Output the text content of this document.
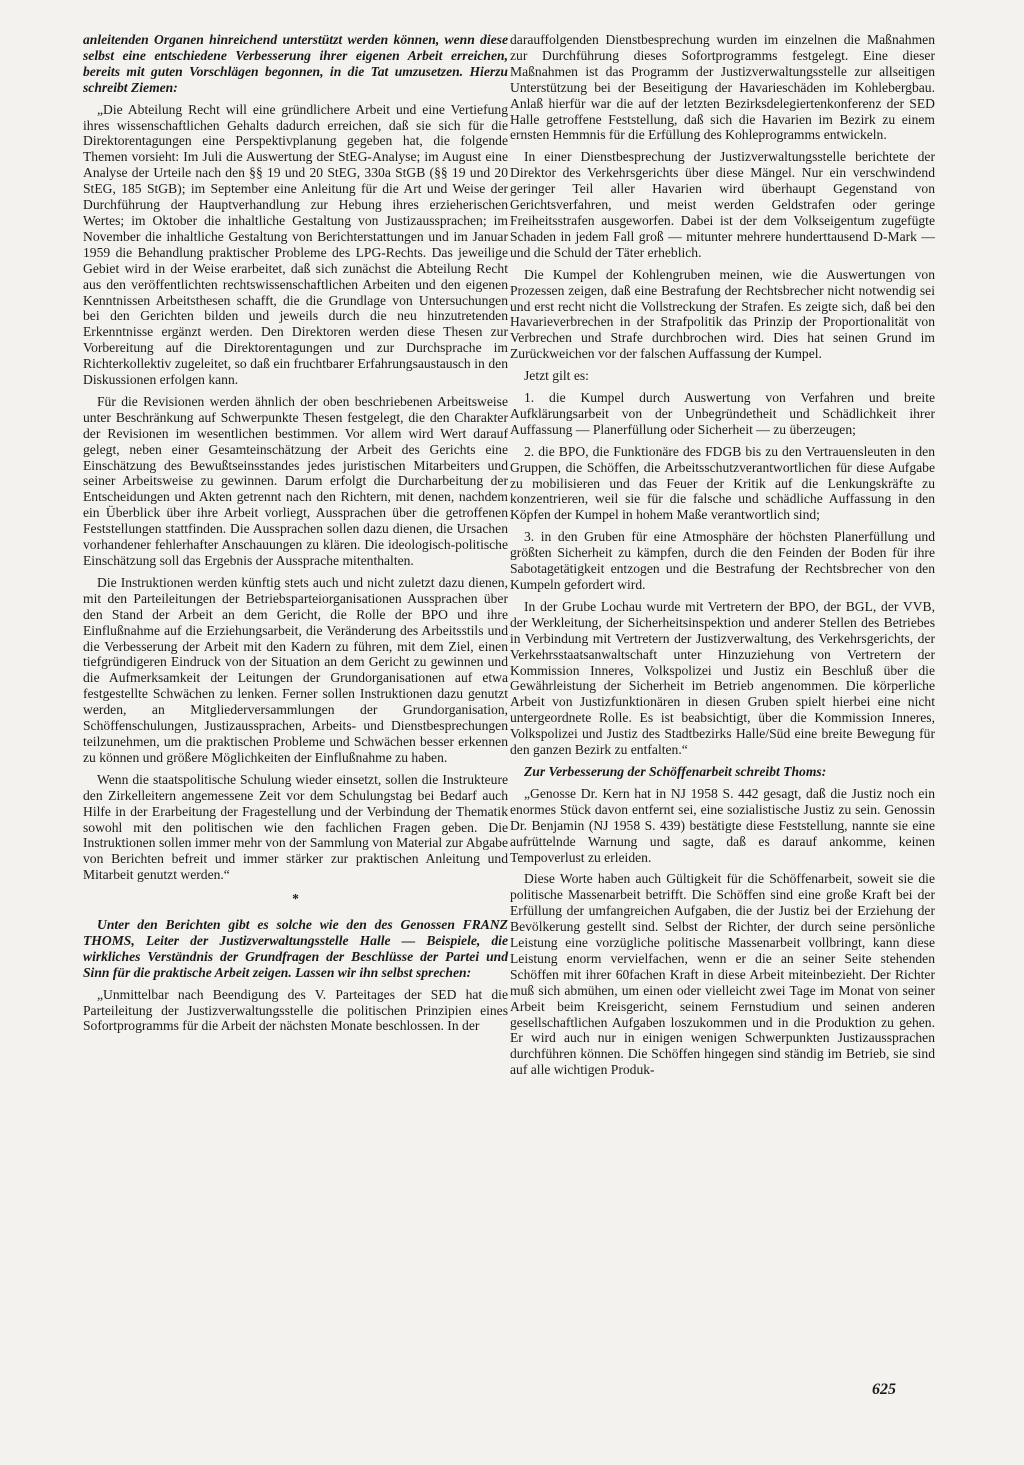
anleitenden Organen hinreichend unterstützt werden können, wenn diese selbst eine entschiedene Verbesserung ihrer eigenen Arbeit erreichen, bereits mit guten Vorschlägen begonnen, in die Tat umzusetzen. Hierzu schreibt Ziemen:

„Die Abteilung Recht will eine gründlichere Arbeit und eine Vertiefung ihres wissenschaftlichen Gehalts dadurch erreichen, daß sie sich für die Direktorentagungen eine Perspektivplanung gegeben hat, die folgende Themen vorsieht: Im Juli die Auswertung der StEG-Analyse; im August eine Analyse der Urteile nach den §§ 19 und 20 StEG, 330a StGB (§§ 19 und 20 StEG, 185 StGB); im September eine Anleitung für die Art und Weise der Durchführung der Hauptverhandlung zur Hebung ihres erzieherischen Wertes; im Oktober die inhaltliche Gestaltung von Justizaussprachen; im November die inhaltliche Gestaltung von Berichterstattungen und im Januar 1959 die Behandlung praktischer Probleme des LPG-Rechts. Das jeweilige Gebiet wird in der Weise erarbeitet, daß sich zunächst die Abteilung Recht aus den veröffentlichten rechtswissenschaftlichen Arbeiten und den eigenen Kenntnissen Arbeitsthesen schafft, die die Grundlage von Untersuchungen bei den Gerichten bilden und jeweils durch die neu hinzutretenden Erkenntnisse ergänzt werden. Den Direktoren werden diese Thesen zur Vorbereitung auf die Direktorentagungen und zur Durchsprache im Richterkollektiv zugeleitet, so daß ein fruchtbarer Erfahrungsaustausch in den Diskussionen erfolgen kann.

Für die Revisionen werden ähnlich der oben beschriebenen Arbeitsweise unter Beschränkung auf Schwerpunkte Thesen festgelegt, die den Charakter der Revisionen im wesentlichen bestimmen. Vor allem wird Wert darauf gelegt, neben einer Gesamteinschätzung der Arbeit des Gerichts eine Einschätzung des Bewußtseinsstandes jedes juristischen Mitarbeiters und seiner Arbeitsweise zu gewinnen. Darum erfolgt die Durcharbeitung der Entscheidungen und Akten getrennt nach den Richtern, mit denen, nachdem ein Überblick über ihre Arbeit vorliegt, Aussprachen über die getroffenen Feststellungen stattfinden. Die Aussprachen sollen dazu dienen, die Ursachen vorhandener fehlerhafter Anschauungen zu klären. Die ideologisch-politische Einschätzung soll das Ergebnis der Aussprache mitenthalten.

Die Instruktionen werden künftig stets auch und nicht zuletzt dazu dienen, mit den Parteileitungen der Betriebsparteiorganisationen Aussprachen über den Stand der Arbeit an dem Gericht, die Rolle der BPO und ihre Einflußnahme auf die Erziehungsarbeit, die Veränderung des Arbeitsstils und die Verbesserung der Arbeit mit den Kadern zu führen, mit dem Ziel, einen tiefgründigeren Eindruck von der Situation an dem Gericht zu gewinnen und die Aufmerksamkeit der Leitungen der Grundorganisationen auf etwa festgestellte Schwächen zu lenken. Ferner sollen Instruktionen dazu genutzt werden, an Mitgliederversammlungen der Grundorganisation, Schöffenschulungen, Justizaussprachen, Arbeits- und Dienstbesprechungen teilzunehmen, um die praktischen Probleme und Schwächen besser erkennen zu können und größere Möglichkeiten der Einflußnahme zu haben.

Wenn die staatspolitische Schulung wieder einsetzt, sollen die Instrukteure den Zirkelleitern angemessene Zeit vor dem Schulungstag bei Bedarf auch Hilfe in der Erarbeitung der Fragestellung und der Verbindung der Thematik sowohl mit den politischen wie den fachlichen Fragen geben. Die Instruktionen sollen immer mehr von der Sammlung von Material zur Abgabe von Berichten befreit und immer stärker zur praktischen Anleitung und Mitarbeit genutzt werden.“

*

Unter den Berichten gibt es solche wie den des Genossen FRANZ THOMS, Leiter der Justizverwaltungsstelle Halle — Beispiele, die wirkliches Verständnis der Grundfragen der Beschlüsse der Partei und Sinn für die praktische Arbeit zeigen. Lassen wir ihn selbst sprechen:

„Unmittelbar nach Beendigung des V. Parteitages der SED hat die Parteileitung der Justizverwaltungsstelle die politischen Prinzipien eines Sofortprogramms für die Arbeit der nächsten Monate beschlossen. In der

darauffolgenden Dienstbesprechung wurden im einzelnen die Maßnahmen zur Durchführung dieses Sofortprogramms festgelegt. Eine dieser Maßnahmen ist das Programm der Justizverwaltungsstelle zur allseitigen Unterstützung bei der Beseitigung der Havarieschäden im Kohlebergbau. Anlaß hierfür war die auf der letzten Bezirksdelegiertenkonferenz der SED Halle getroffene Feststellung, daß sich die Havarien im Bezirk zu einem ernsten Hemmnis für die Erfüllung des Kohleprogramms entwickeln.

In einer Dienstbesprechung der Justizverwaltungsstelle berichtete der Direktor des Verkehrsgerichts über diese Mängel. Nur ein verschwindend geringer Teil aller Havarien wird überhaupt Gegenstand von Gerichtsverfahren, und meist werden Geldstrafen oder geringe Freiheitsstrafen ausgeworfen. Dabei ist der dem Volkseigentum zugefügte Schaden in jedem Fall groß — mitunter mehrere hunderttausend D-Mark — und die Schuld der Täter erheblich.

Die Kumpel der Kohlengruben meinen, wie die Auswertungen von Prozessen zeigen, daß eine Bestrafung der Rechtsbrecher nicht notwendig sei und erst recht nicht die Vollstreckung der Strafen. Es zeigte sich, daß bei den Havarieverbrechen in der Strafpolitik das Prinzip der Proportionalität von Verbrechen und Strafe durchbrochen wird. Dies hat seinen Grund im Zurückweichen vor der falschen Auffassung der Kumpel.

Jetzt gilt es:

1. die Kumpel durch Auswertung von Verfahren und breite Aufklärungsarbeit von der Unbegründetheit und Schädlichkeit ihrer Auffassung — Planerfüllung oder Sicherheit — zu überzeugen;

2. die BPO, die Funktionäre des FDGB bis zu den Vertrauensleuten in den Gruppen, die Schöffen, die Arbeitsschutzverantwortlichen für diese Aufgabe zu mobilisieren und das Feuer der Kritik auf die Lenkungskräfte zu konzentrieren, weil sie für die falsche und schädliche Auffassung in den Köpfen der Kumpel in hohem Maße verantwortlich sind;

3. in den Gruben für eine Atmosphäre der höchsten Planerfüllung und größten Sicherheit zu kämpfen, durch die den Feinden der Boden für ihre Sabotagetätigkeit entzogen und die Bestrafung der Rechtsbrecher von den Kumpeln gefordert wird.

In der Grube Lochau wurde mit Vertretern der BPO, der BGL, der VVB, der Werkleitung, der Sicherheitsinspektion und anderer Stellen des Betriebes in Verbindung mit Vertretern der Justizverwaltung, des Verkehrsgerichts, der Verkehrsstaatsanwaltschaft unter Hinzuziehung von Vertretern der Kommission Inneres, Volkspolizei und Justiz ein Beschluß über die Gewährleistung der Sicherheit im Betrieb angenommen. Die körperliche Arbeit von Justizfunktionären in diesen Gruben spielt hierbei eine nicht untergeordnete Rolle. Es ist beabsichtigt, über die Kommission Inneres, Volkspolizei und Justiz des Stadtbezirks Halle/Süd eine breite Bewegung für den ganzen Bezirk zu entfalten.“

Zur Verbesserung der Schöffenarbeit schreibt Thoms:

„Genosse Dr. Kern hat in NJ 1958 S. 442 gesagt, daß die Justiz noch ein enormes Stück davon entfernt sei, eine sozialistische Justiz zu sein. Genossin Dr. Benjamin (NJ 1958 S. 439) bestätigte diese Feststellung, nannte sie eine aufrüttelnde Warnung und sagte, daß es darauf ankomme, keinen Tempoverlust zu erleiden.

Diese Worte haben auch Gültigkeit für die Schöffenarbeit, soweit sie die politische Massenarbeit betrifft. Die Schöffen sind eine große Kraft bei der Erfüllung der umfangreichen Aufgaben, die der Justiz bei der Erziehung der Bevölkerung gestellt sind. Selbst der Richter, der durch seine persönliche Leistung eine vorzügliche politische Massenarbeit vollbringt, kann diese Leistung enorm vervielfachen, wenn er die an seiner Seite stehenden Schöffen mit ihrer 60fachen Kraft in diese Arbeit miteinbezieht. Der Richter muß sich abmühen, um einen oder vielleicht zwei Tage im Monat von seiner Arbeit beim Kreisgericht, seinem Fernstudium und seinen anderen gesellschaftlichen Aufgaben loszukommen und in die Produktion zu gehen. Er wird auch nur in einigen wenigen Schwerpunkten Justizaussprachen durchführen können. Die Schöffen hingegen sind ständig im Betrieb, sie sind auf alle wichtigen Produk-

625
